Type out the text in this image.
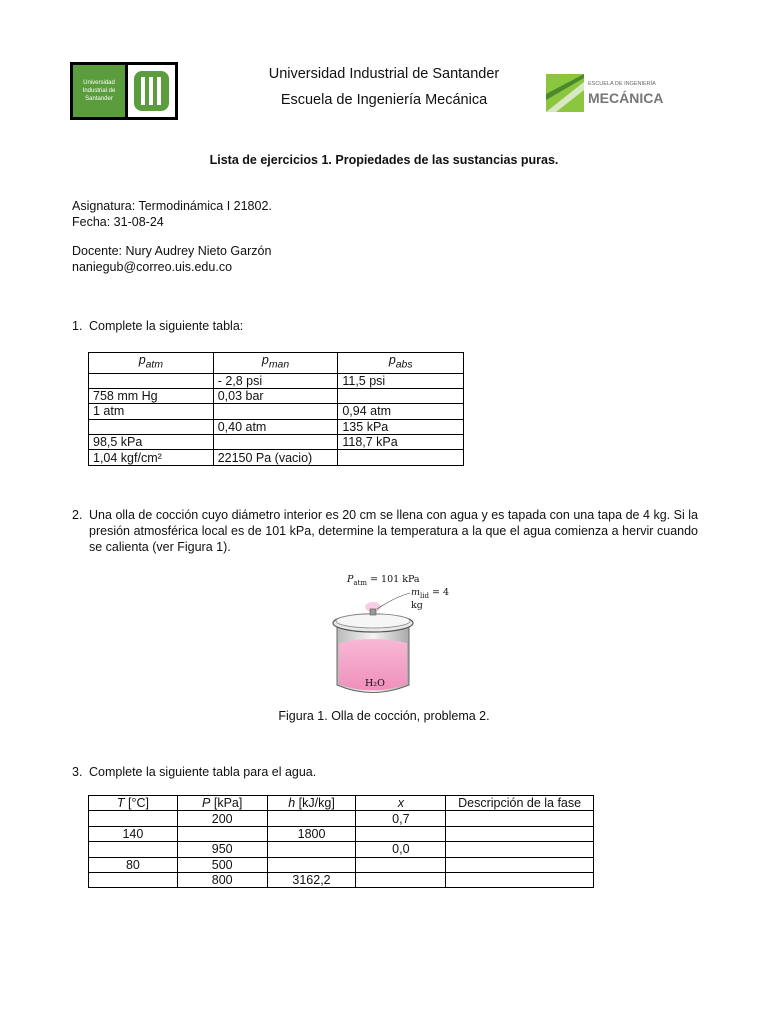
Universidad Industrial de Santander
Universidad Industrial de Santander
Escuela de Ingeniería Mecánica
ESCUELA DE INGENIERÍA
MECÁNICA
Lista de ejercicios 1. Propiedades de las sustancias puras.
Asignatura: Termodinámica I 21802.
Fecha: 31-08-24
Docente: Nury Audrey Nieto Garzón
naniegub@correo.uis.edu.co
1. Complete la siguiente tabla:
$p_{atm}$	$p_{man}$	$p_{abs}$
	- 2,8 psi	11,5 psi
758 mm Hg	0,03 bar	
1 atm		0,94 atm
	0,40 atm	135 kPa
98,5 kPa		118,7 kPa
1,04 kgf/cm²	22150 Pa (vacio)	
2. Una olla de cocción cuyo diámetro interior es 20 cm se llena con agua y es tapada con una tapa de 4 kg. Si la presión atmosférica local es de 101 kPa, determine la temperatura a la que el agua comienza a hervir cuando se calienta (ver Figura 1).
$P_{atm} = 101$ kPa
$m_{lid} = 4$ kg
H₂O
Figura 1. Olla de cocción, problema 2.
3. Complete la siguiente tabla para el agua.
T [°C]	P [kPa]	h [kJ/kg]	x	Descripción de la fase
	200		0,7	
140		1800		
	950		0,0	
80	500			
	800	3162,2		
